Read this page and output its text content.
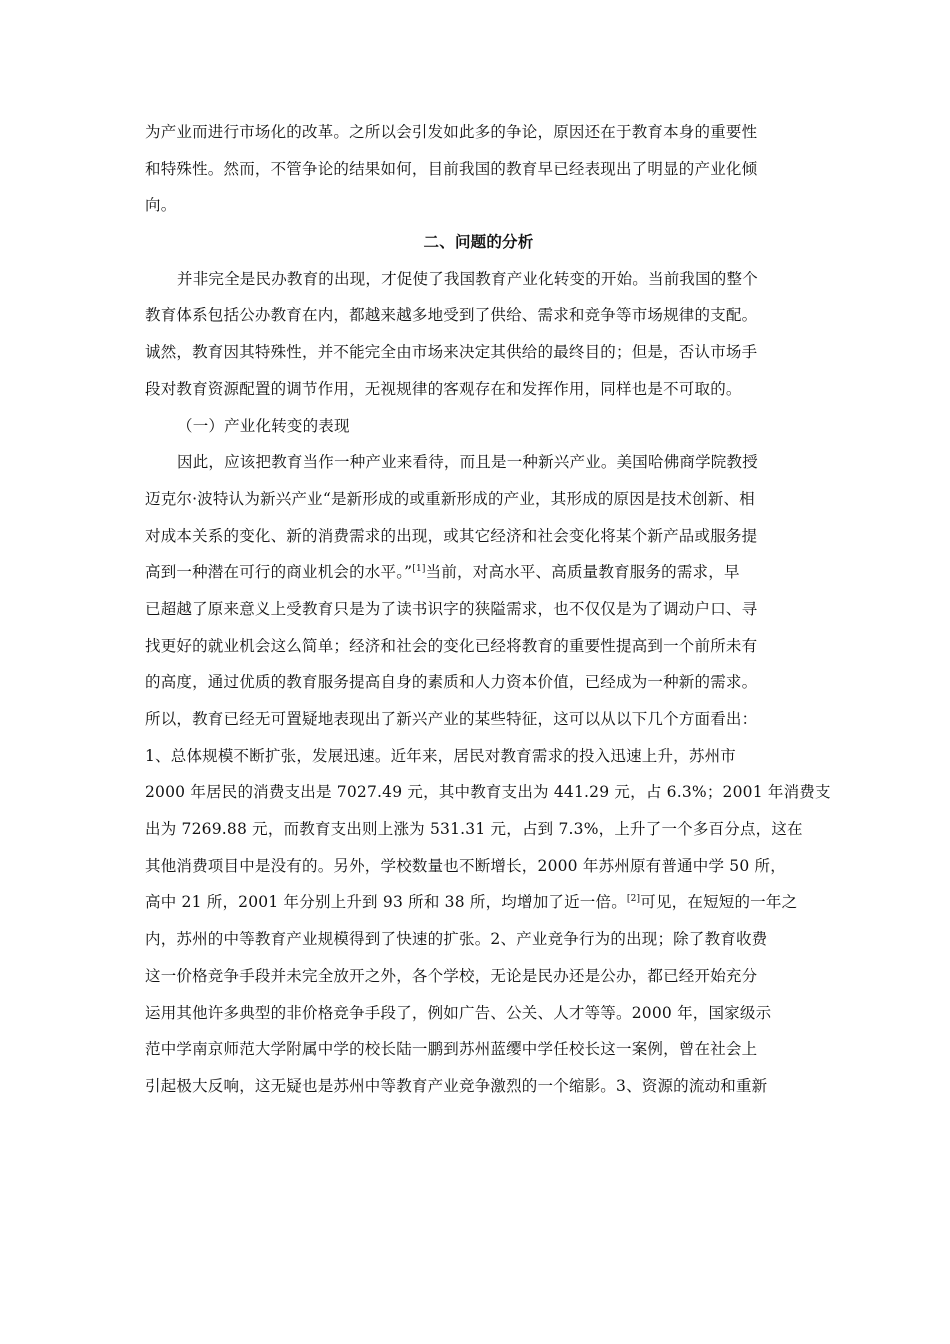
为产业而进行市场化的改革。之所以会引发如此多的争论，原因还在于教育本身的重要性
和特殊性。然而，不管争论的结果如何，目前我国的教育早已经表现出了明显的产业化倾
向。
二、问题的分析
并非完全是民办教育的出现，才促使了我国教育产业化转变的开始。当前我国的整个
教育体系包括公办教育在内，都越来越多地受到了供给、需求和竞争等市场规律的支配。
诚然，教育因其特殊性，并不能完全由市场来决定其供给的最终目的；但是，否认市场手
段对教育资源配置的调节作用，无视规律的客观存在和发挥作用，同样也是不可取的。
（一）产业化转变的表现
因此，应该把教育当作一种产业来看待，而且是一种新兴产业。美国哈佛商学院教授
迈克尔·波特认为新兴产业“是新形成的或重新形成的产业，其形成的原因是技术创新、相
对成本关系的变化、新的消费需求的出现，或其它经济和社会变化将某个新产品或服务提
高到一种潜在可行的商业机会的水平。”[1]当前，对高水平、高质量教育服务的需求，早
已超越了原来意义上受教育只是为了读书识字的狭隘需求，也不仅仅是为了调动户口、寻
找更好的就业机会这么简单；经济和社会的变化已经将教育的重要性提高到一个前所未有
的高度，通过优质的教育服务提高自身的素质和人力资本价值，已经成为一种新的需求。
所以，教育已经无可置疑地表现出了新兴产业的某些特征，这可以从以下几个方面看出：
1、总体规模不断扩张，发展迅速。近年来，居民对教育需求的投入迅速上升，苏州市
2000 年居民的消费支出是 7027.49 元，其中教育支出为 441.29 元，占 6.3%；2001 年消费支
出为 7269.88 元，而教育支出则上涨为 531.31 元，占到 7.3%，上升了一个多百分点，这在
其他消费项目中是没有的。另外，学校数量也不断增长，2000 年苏州原有普通中学 50 所，
高中 21 所，2001 年分别上升到 93 所和 38 所，均增加了近一倍。[2]可见，在短短的一年之
内，苏州的中等教育产业规模得到了快速的扩张。2、产业竞争行为的出现；除了教育收费
这一价格竞争手段并未完全放开之外，各个学校，无论是民办还是公办，都已经开始充分
运用其他许多典型的非价格竞争手段了，例如广告、公关、人才等等。2000 年，国家级示
范中学南京师范大学附属中学的校长陆一鹏到苏州蓝缨中学任校长这一案例，曾在社会上
引起极大反响，这无疑也是苏州中等教育产业竞争激烈的一个缩影。3、资源的流动和重新
